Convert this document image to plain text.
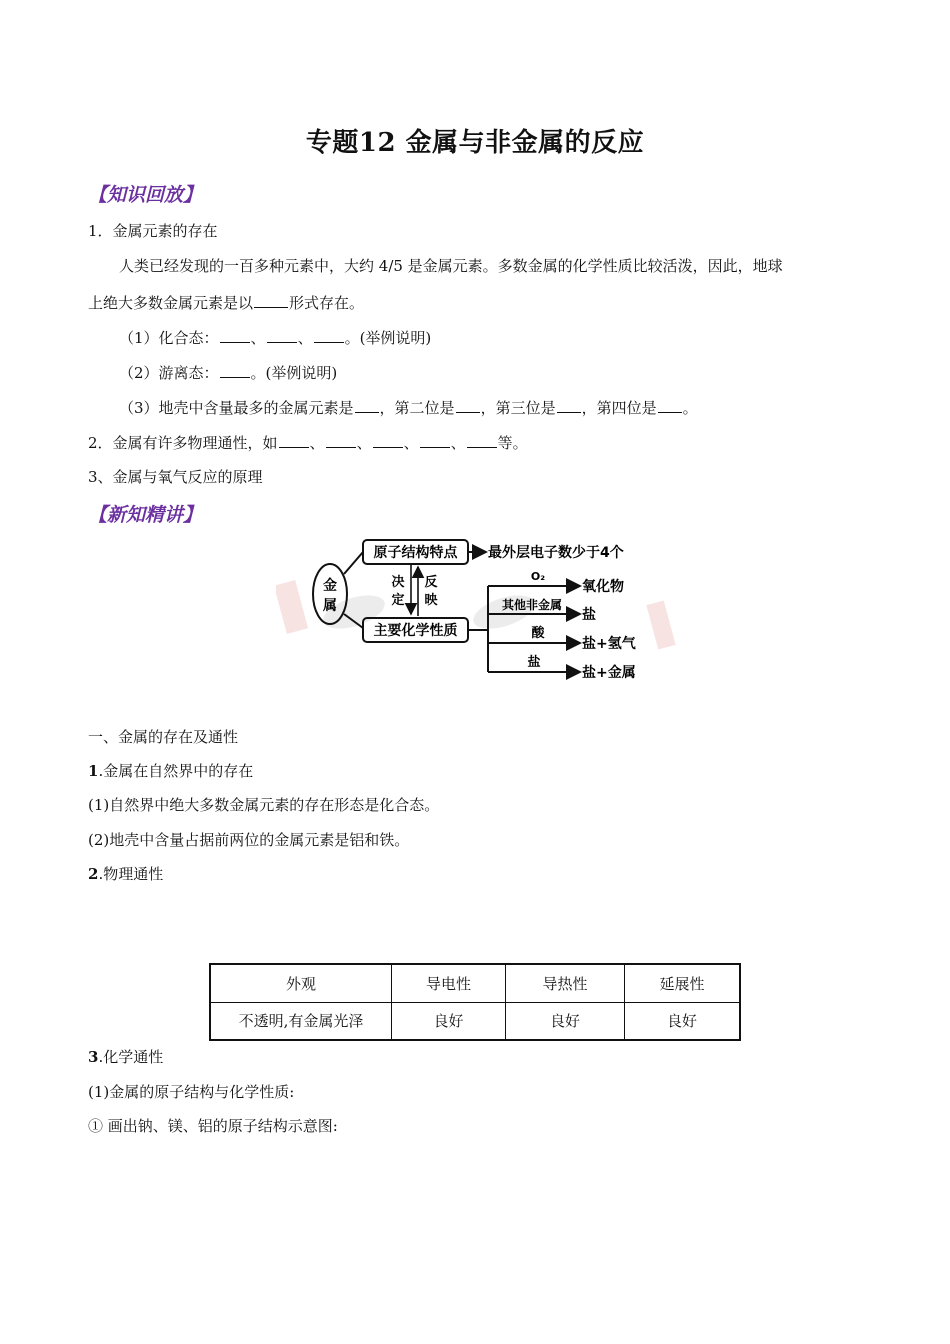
专题12 金属与非金属的反应
【知识回放】
1．金属元素的存在
人类已经发现的一百多种元素中，大约 4/5 是金属元素。多数金属的化学性质比较活泼，因此，地球
上绝大多数金属元素是以 形式存在。
（1）化合态： 、 、 。(举例说明)
（2）游离态： 。(举例说明)
（3）地壳中含量最多的金属元素是 ，第二位是 ，第三位是 ，第四位是 。
2．金属有许多物理通性，如 、 、 、 、 等。
3、金属与氧气反应的原理
【新知精讲】
金
属
原子结构特点 最外层电子数少于4个
决
定
反
映
主要化学性质
O₂
氧化物
其他非金属
盐
酸
盐+氢气
盐
盐+金属
一、金属的存在及通性
1.金属在自然界中的存在
(1)自然界中绝大多数金属元素的存在形态是化合态。
(2)地壳中含量占据前两位的金属元素是铝和铁。
2.物理通性
外观	导电性	导热性	延展性
不透明,有金属光泽	良好	良好	良好
3.化学通性
(1)金属的原子结构与化学性质:
① 画出钠、镁、铝的原子结构示意图:
